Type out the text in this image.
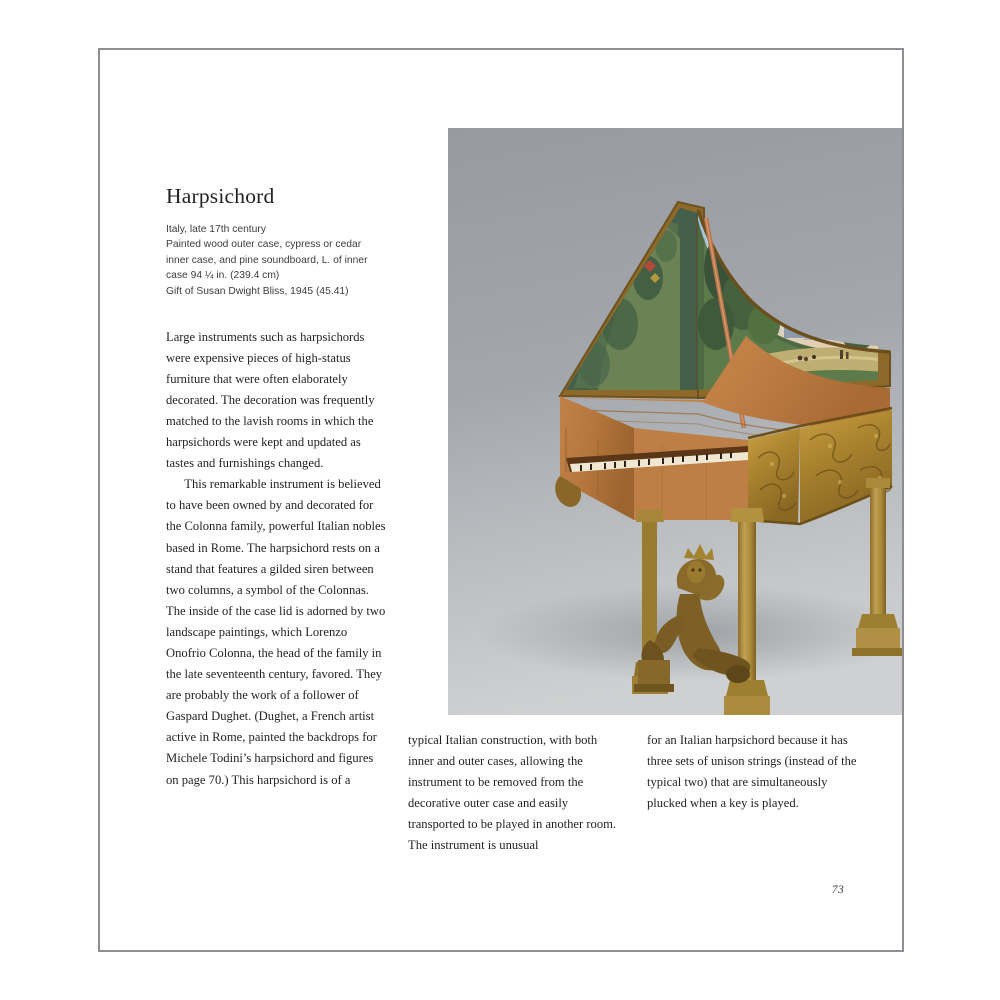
Harpsichord
Italy, late 17th century
Painted wood outer case, cypress or cedar
inner case, and pine soundboard, L. of inner
case 94 ¼ in. (239.4 cm)
Gift of Susan Dwight Bliss, 1945 (45.41)

Large instruments such as harpsichords were expensive pieces of high-status furniture that were often elaborately decorated. The decoration was frequently matched to the lavish rooms in which the harpsichords were kept and updated as tastes and furnishings changed.

This remarkable instrument is believed to have been owned by and decorated for the Colonna family, powerful Italian nobles based in Rome. The harpsichord rests on a stand that features a gilded siren between two columns, a symbol of the Colonnas. The inside of the case lid is adorned by two landscape paintings, which Lorenzo Onofrio Colonna, the head of the family in the late seventeenth century, favored. They are probably the work of a follower of Gaspard Dughet. (Dughet, a French artist active in Rome, painted the backdrops for Michele Todini’s harpsichord and figures on page 70.) This harpsichord is of a

typical Italian construction, with both inner and outer cases, allowing the instrument to be removed from the decorative outer case and easily transported to be played in another room. The instrument is unusual

for an Italian harpsichord because it has three sets of unison strings (instead of the typical two) that are simultaneously plucked when a key is played.

73
